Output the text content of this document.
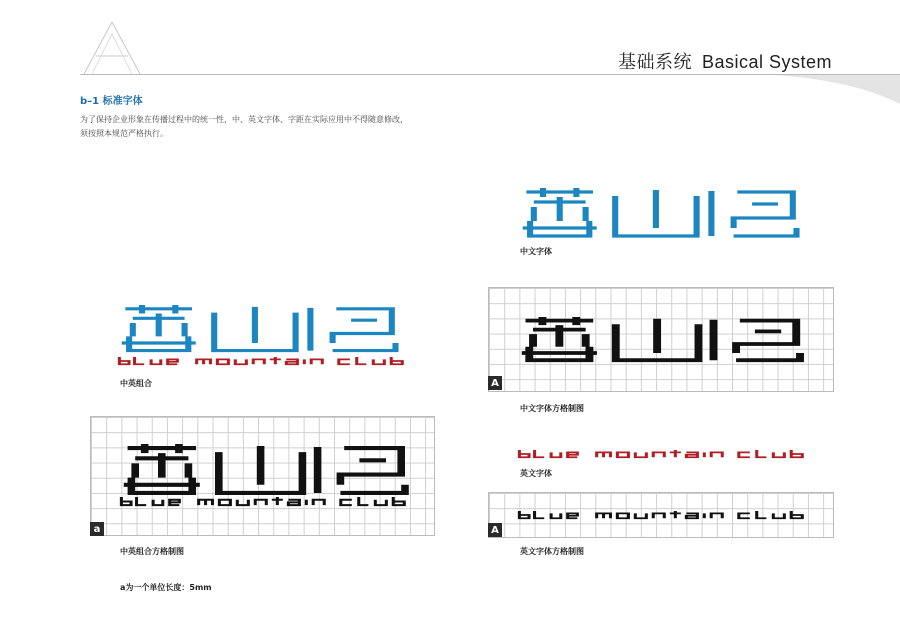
基础系统 Basical System
b–1 标准字体
为了保持企业形象在传播过程中的统一性，中、英文字体、字距在实际应用中不得随意修改，须按照本规范严格执行。
中文字体
A
中文字体方格制图
英文字体
A
英文字体方格制图
中英组合
a
中英组合方格制图
a为一个单位长度：5mm
